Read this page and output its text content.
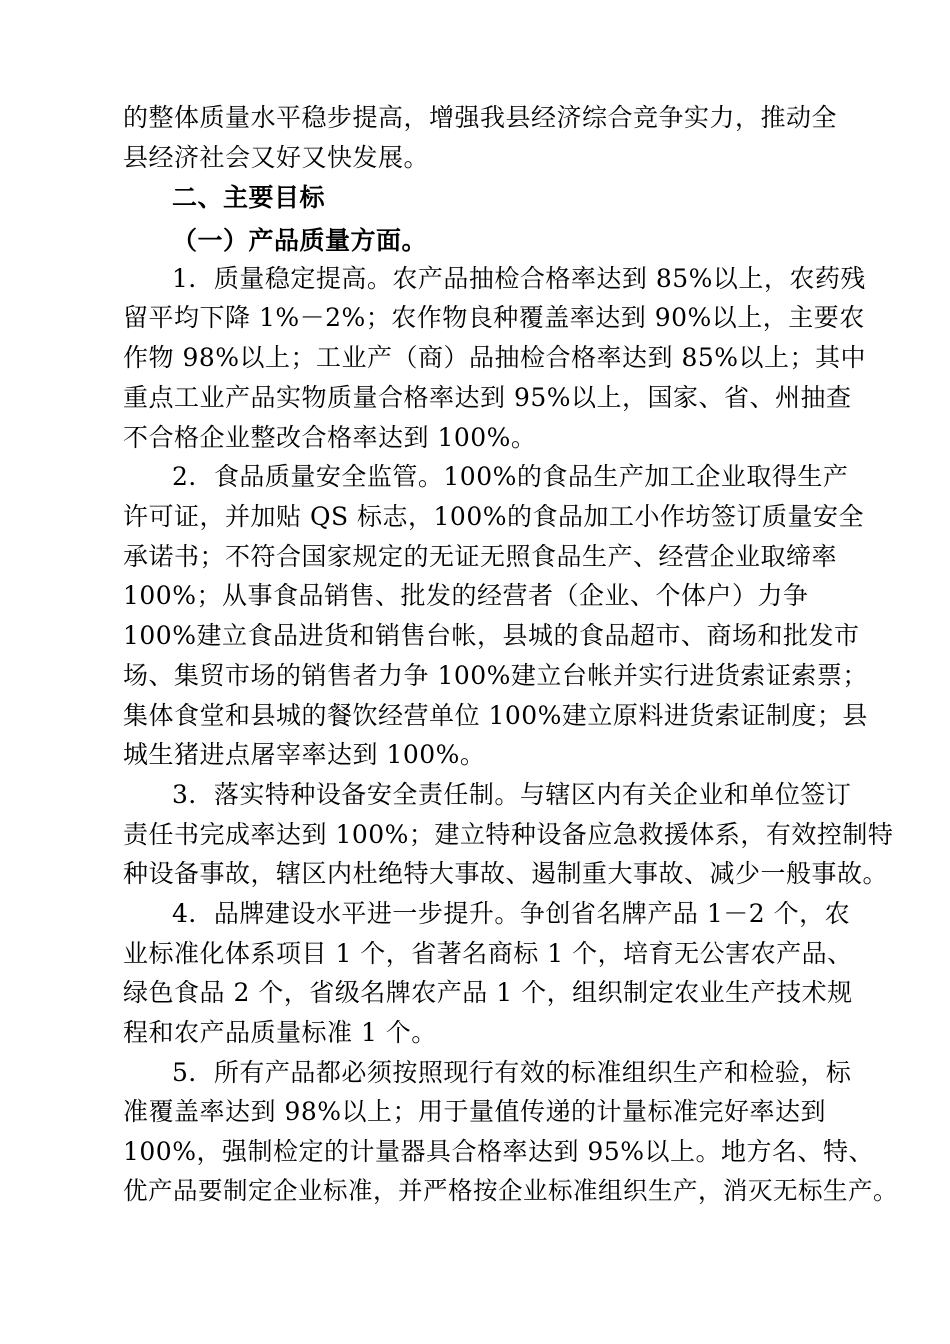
的整体质量水平稳步提高，增强我县经济综合竞争实力，推动全
县经济社会又好又快发展。
二、主要目标
（一）产品质量方面。
1．质量稳定提高。农产品抽检合格率达到 85%以上，农药残
留平均下降 1%－2%；农作物良种覆盖率达到 90%以上，主要农
作物 98%以上；工业产（商）品抽检合格率达到 85%以上；其中
重点工业产品实物质量合格率达到 95%以上，国家、省、州抽查
不合格企业整改合格率达到 100%。
2．食品质量安全监管。100%的食品生产加工企业取得生产
许可证，并加贴 QS 标志，100%的食品加工小作坊签订质量安全
承诺书；不符合国家规定的无证无照食品生产、经营企业取缔率
100%；从事食品销售、批发的经营者（企业、个体户）力争
100%建立食品进货和销售台帐，县城的食品超市、商场和批发市
场、集贸市场的销售者力争 100%建立台帐并实行进货索证索票；
集体食堂和县城的餐饮经营单位 100%建立原料进货索证制度；县
城生猪进点屠宰率达到 100%。
3．落实特种设备安全责任制。与辖区内有关企业和单位签订
责任书完成率达到 100%；建立特种设备应急救援体系，有效控制特
种设备事故，辖区内杜绝特大事故、遏制重大事故、减少一般事故。
4．品牌建设水平进一步提升。争创省名牌产品 1－2 个，农
业标准化体系项目 1 个，省著名商标 1 个，培育无公害农产品、
绿色食品 2 个，省级名牌农产品 1 个，组织制定农业生产技术规
程和农产品质量标准 1 个。
5．所有产品都必须按照现行有效的标准组织生产和检验，标
准覆盖率达到 98%以上；用于量值传递的计量标准完好率达到
100%，强制检定的计量器具合格率达到 95%以上。地方名、特、
优产品要制定企业标准，并严格按企业标准组织生产，消灭无标生产。
